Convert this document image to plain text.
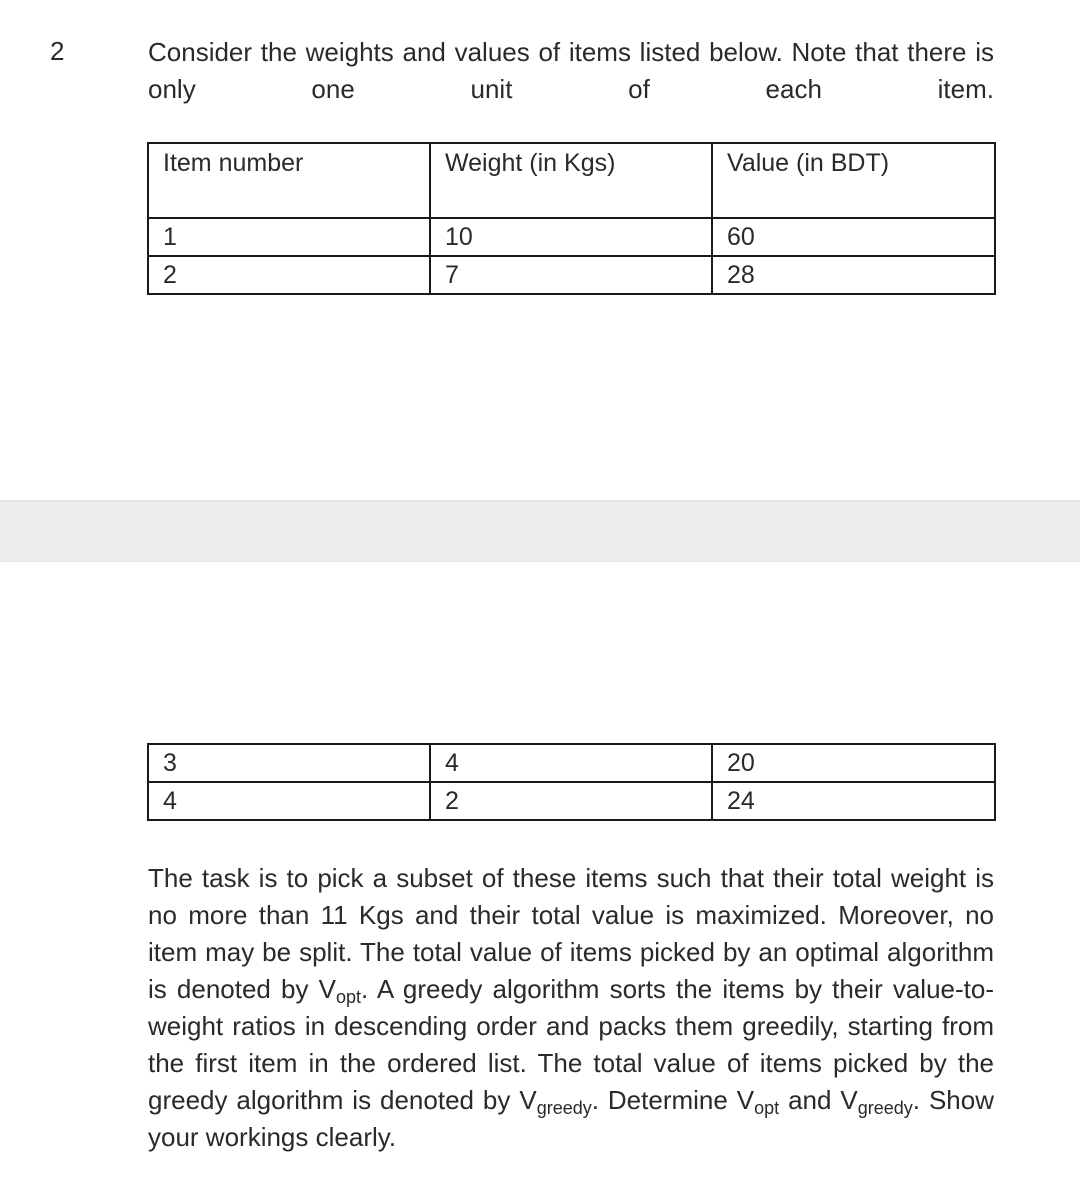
2	Consider the weights and values of items listed below. Note that there is only one unit of each item.
Item number	Weight (in Kgs)	Value (in BDT)
1	10	60
2	7	28
3	4	20
4	2	24
The task is to pick a subset of these items such that their total weight is no more than 11 Kgs and their total value is maximized. Moreover, no item may be split. The total value of items picked by an optimal algorithm is denoted by $V_{opt}$. A greedy algorithm sorts the items by their value-to-weight ratios in descending order and packs them greedily, starting from the first item in the ordered list. The total value of items picked by the greedy algorithm is denoted by $V_{greedy}$. Determine $V_{opt}$ and $V_{greedy}$. Show your workings clearly.
